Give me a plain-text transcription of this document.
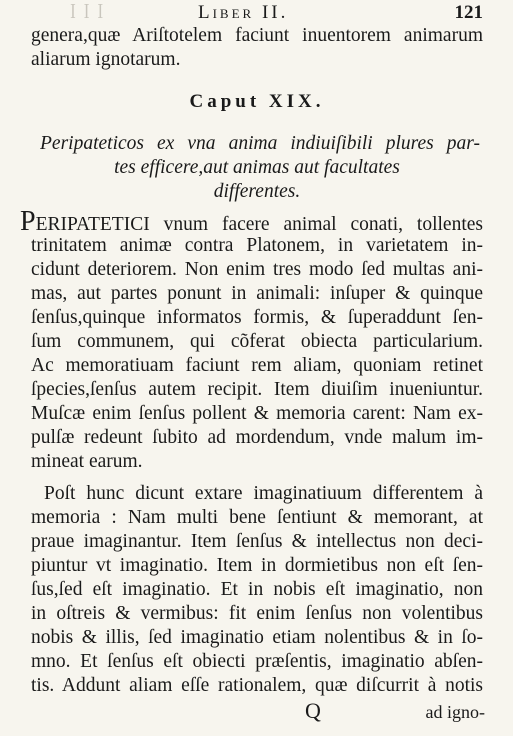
ꟾ ꟾ ꟾ	Liber II.	121
genera,quæ Ariſtotelem faciunt inuentorem animarum
aliarum ignotarum.
Caput XIX.
Peripateticos ex vna anima indiuiſibili plures par-
tes efficere,aut animas aut facultates
differentes.
PERIPATETICI vnum facere animal conati, tollentes
trinitatem animæ contra Platonem, in varietatem in-
cidunt deteriorem. Non enim tres modo ſed multas ani-
mas, aut partes ponunt in animali: inſuper & quinque
ſenſus,quinque informatos formis, & ſuperaddunt ſen-
ſum communem, qui cõferat obiecta particularium.
Ac memoratiuam faciunt rem aliam, quoniam retinet
ſpecies,ſenſus autem recipit. Item diuiſim inueniuntur.
Muſcæ enim ſenſus pollent & memoria carent: Nam ex-
pulſæ redeunt ſubito ad mordendum, vnde malum im-
mineat earum.
Poſt hunc dicunt extare imaginatiuum differentem à
memoria : Nam multi bene ſentiunt & memorant, at
praue imaginantur. Item ſenſus & intellectus non deci-
piuntur vt imaginatio. Item in dormietibus non eſt ſen-
ſus,ſed eſt imaginatio. Et in nobis eſt imaginatio, non
in oſtreis & vermibus: fit enim ſenſus non volentibus
nobis & illis, ſed imaginatio etiam nolentibus & in ſo-
mno. Et ſenſus eſt obiecti præſentis, imaginatio abſen-
tis. Addunt aliam eſſe rationalem, quæ diſcurrit à notis
Q	ad igno-
